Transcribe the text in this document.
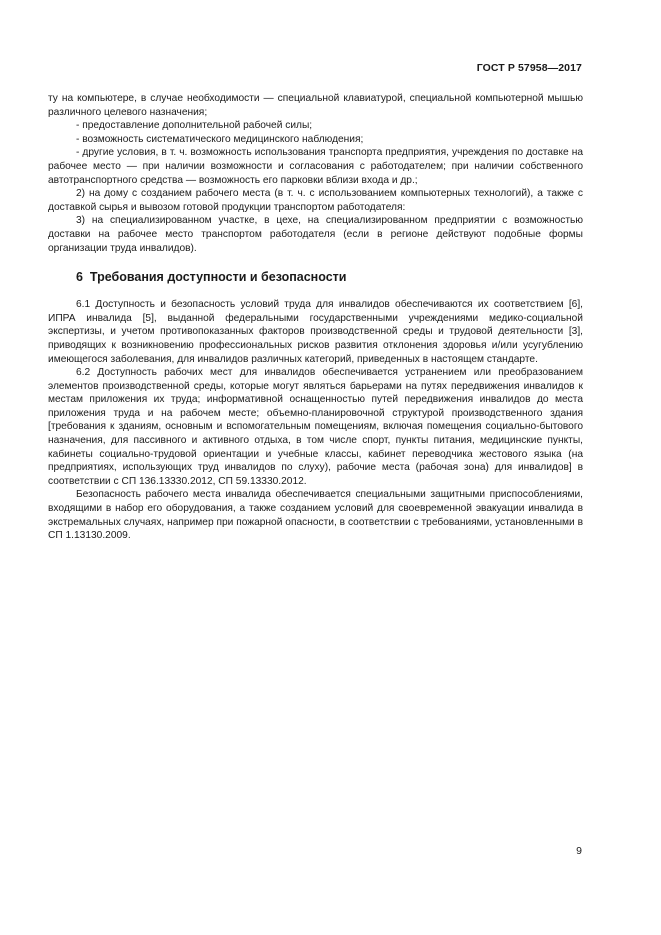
ГОСТ Р 57958—2017

ту на компьютере, в случае необходимости — специальной клавиатурой, специальной компьютерной мышью различного целевого назначения;

- предоставление дополнительной рабочей силы;

- возможность систематического медицинского наблюдения;

- другие условия, в т. ч. возможность использования транспорта предприятия, учреждения по доставке на рабочее место — при наличии возможности и согласования с работодателем; при наличии собственного автотранспортного средства — возможность его парковки вблизи входа и др.;

2) на дому с созданием рабочего места (в т. ч. с использованием компьютерных технологий), а также с доставкой сырья и вывозом готовой продукции транспортом работодателя:

3) на специализированном участке, в цехе, на специализированном предприятии с возможностью доставки на рабочее место транспортом работодателя (если в регионе действуют подобные формы организации труда инвалидов).

6 Требования доступности и безопасности

6.1 Доступность и безопасность условий труда для инвалидов обеспечиваются их соответствием [6], ИПРА инвалида [5], выданной федеральными государственными учреждениями медико-социальной экспертизы, и учетом противопоказанных факторов производственной среды и трудовой деятельности [3], приводящих к возникновению профессиональных рисков развития отклонения здоровья и/или усугублению имеющегося заболевания, для инвалидов различных категорий, приведенных в настоящем стандарте.

6.2 Доступность рабочих мест для инвалидов обеспечивается устранением или преобразованием элементов производственной среды, которые могут являться барьерами на путях передвижения инвалидов к местам приложения их труда; информативной оснащенностью путей передвижения инвалидов до места приложения труда и на рабочем месте; объемно-планировочной структурой производственного здания [требования к зданиям, основным и вспомогательным помещениям, включая помещения социально-бытового назначения, для пассивного и активного отдыха, в том числе спорт, пункты питания, медицинские пункты, кабинеты социально-трудовой ориентации и учебные классы, кабинет переводчика жестового языка (на предприятиях, использующих труд инвалидов по слуху), рабочие места (рабочая зона) для инвалидов] в соответствии с СП 136.13330.2012, СП 59.13330.2012.

Безопасность рабочего места инвалида обеспечивается специальными защитными приспособлениями, входящими в набор его оборудования, а также созданием условий для своевременной эвакуации инвалида в экстремальных случаях, например при пожарной опасности, в соответствии с требованиями, установленными в СП 1.13130.2009.

9
